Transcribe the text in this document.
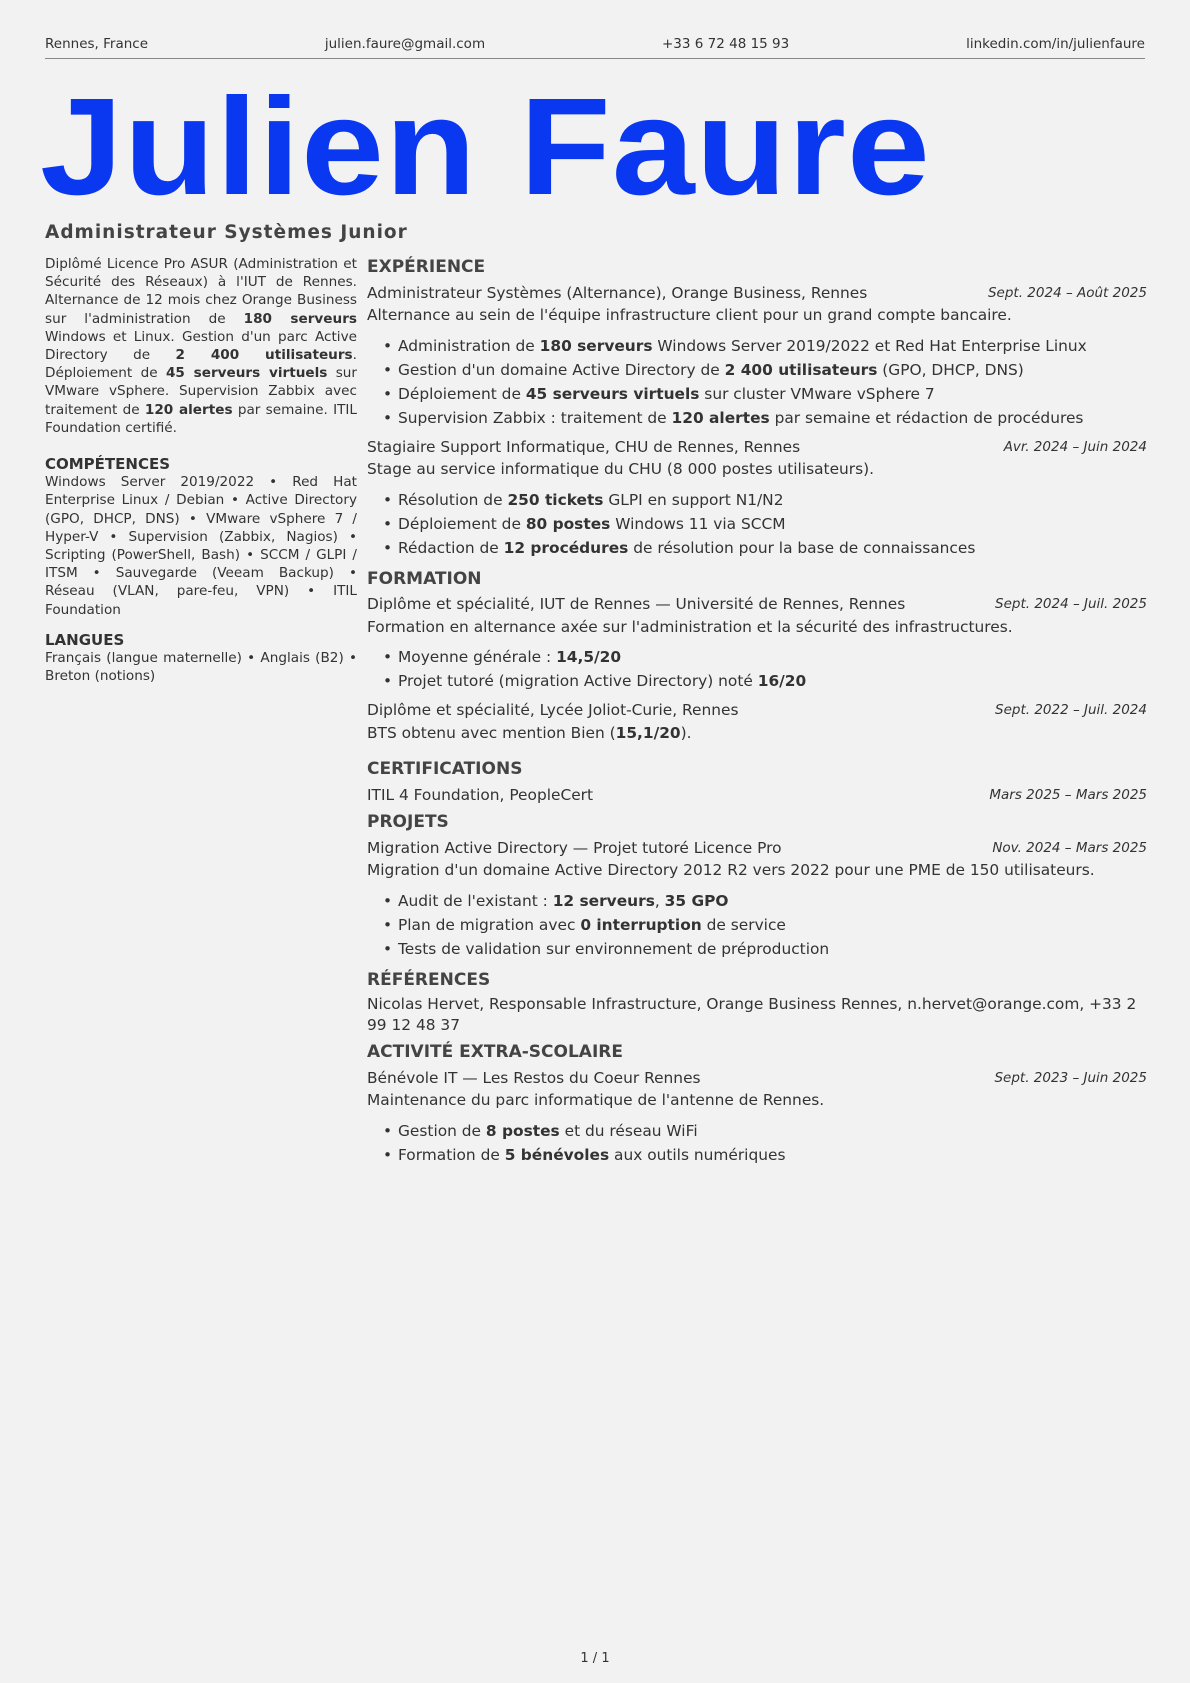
Rennes, France	julien.faure@gmail.com	+33 6 72 48 15 93	linkedin.com/in/julienfaure
Julien Faure
Administrateur Systèmes Junior

Diplômé Licence Pro ASUR (Administration et Sécurité des Réseaux) à l'IUT de Rennes. Alternance de 12 mois chez Orange Business sur l'administration de 180 serveurs Windows et Linux. Gestion d'un parc Active Directory de 2 400 utilisateurs. Déploiement de 45 serveurs virtuels sur VMware vSphere. Supervision Zabbix avec traitement de 120 alertes par semaine. ITIL Foundation certifié.

COMPÉTENCES

Windows Server 2019/2022 • Red Hat Enterprise Linux / Debian • Active Directory (GPO, DHCP, DNS) • VMware vSphere 7 / Hyper-V • Supervision (Zabbix, Nagios) • Scripting (PowerShell, Bash) • SCCM / GLPI / ITSM • Sauvegarde (Veeam Backup) • Réseau (VLAN, pare-feu, VPN) • ITIL Foundation

LANGUES

Français (langue maternelle) • Anglais (B2) • Breton (notions)

EXPÉRIENCE
Administrateur Systèmes (Alternance), Orange Business, Rennes	Sept. 2024 – Août 2025
Alternance au sein de l'équipe infrastructure client pour un grand compte bancaire.
• Administration de 180 serveurs Windows Server 2019/2022 et Red Hat Enterprise Linux
• Gestion d'un domaine Active Directory de 2 400 utilisateurs (GPO, DHCP, DNS)
• Déploiement de 45 serveurs virtuels sur cluster VMware vSphere 7
• Supervision Zabbix : traitement de 120 alertes par semaine et rédaction de procédures
Stagiaire Support Informatique, CHU de Rennes, Rennes	Avr. 2024 – Juin 2024
Stage au service informatique du CHU (8 000 postes utilisateurs).
• Résolution de 250 tickets GLPI en support N1/N2
• Déploiement de 80 postes Windows 11 via SCCM
• Rédaction de 12 procédures de résolution pour la base de connaissances
FORMATION
Diplôme et spécialité, IUT de Rennes — Université de Rennes, Rennes	Sept. 2024 – Juil. 2025
Formation en alternance axée sur l'administration et la sécurité des infrastructures.
• Moyenne générale : 14,5/20
• Projet tutoré (migration Active Directory) noté 16/20
Diplôme et spécialité, Lycée Joliot-Curie, Rennes	Sept. 2022 – Juil. 2024
BTS obtenu avec mention Bien (15,1/20).
CERTIFICATIONS
ITIL 4 Foundation, PeopleCert	Mars 2025 – Mars 2025
PROJETS
Migration Active Directory — Projet tutoré Licence Pro	Nov. 2024 – Mars 2025
Migration d'un domaine Active Directory 2012 R2 vers 2022 pour une PME de 150 utilisateurs.
• Audit de l'existant : 12 serveurs, 35 GPO
• Plan de migration avec 0 interruption de service
• Tests de validation sur environnement de préproduction
RÉFÉRENCES
Nicolas Hervet, Responsable Infrastructure, Orange Business Rennes, n.hervet@orange.com, +33 2 99 12 48 37
ACTIVITÉ EXTRA-SCOLAIRE
Bénévole IT — Les Restos du Coeur Rennes	Sept. 2023 – Juin 2025
Maintenance du parc informatique de l'antenne de Rennes.
• Gestion de 8 postes et du réseau WiFi
• Formation de 5 bénévoles aux outils numériques
1 / 1
